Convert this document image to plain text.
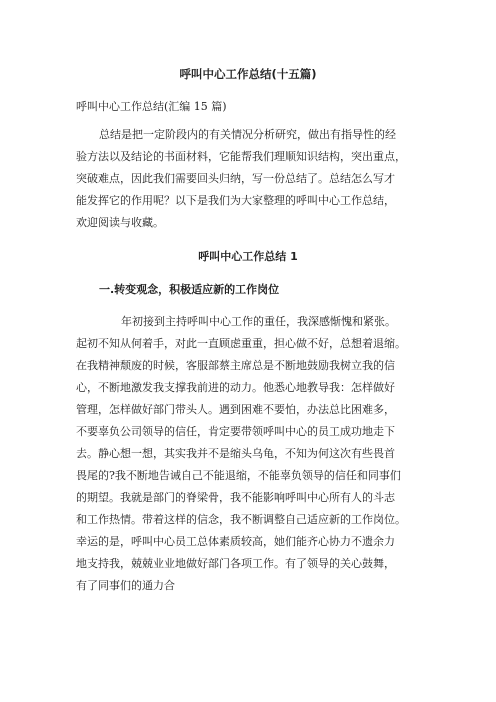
呼叫中心工作总结(十五篇)
呼叫中心工作总结(汇编 15 篇)
总结是把一定阶段内的有关情况分析研究，做出有指导性的经
验方法以及结论的书面材料，它能帮我们理顺知识结构，突出重点，
突破难点，因此我们需要回头归纳，写一份总结了。总结怎么写才
能发挥它的作用呢？以下是我们为大家整理的呼叫中心工作总结，
欢迎阅读与收藏。
呼叫中心工作总结 1
一.转变观念，积极适应新的工作岗位
年初接到主持呼叫中心工作的重任，我深感惭愧和紧张。
起初不知从何着手，对此一直顾虑重重，担心做不好，总想着退缩。
在我精神颓废的时候，客服部蔡主席总是不断地鼓励我树立我的信
心，不断地激发我支撑我前进的动力。他悉心地教导我：怎样做好
管理，怎样做好部门带头人。遇到困难不要怕，办法总比困难多，
不要辜负公司领导的信任，肯定要带领呼叫中心的员工成功地走下
去。静心想一想，其实我并不是缩头乌龟，不知为何这次有些畏首
畏尾的?我不断地告诫自己不能退缩，不能辜负领导的信任和同事们
的期望。我就是部门的脊梁骨，我不能影响呼叫中心所有人的斗志
和工作热情。带着这样的信念，我不断调整自己适应新的工作岗位。
幸运的是，呼叫中心员工总体素质较高，她们能齐心协力不遗余力
地支持我，兢兢业业地做好部门各项工作。有了领导的关心鼓舞，
有了同事们的通力合
